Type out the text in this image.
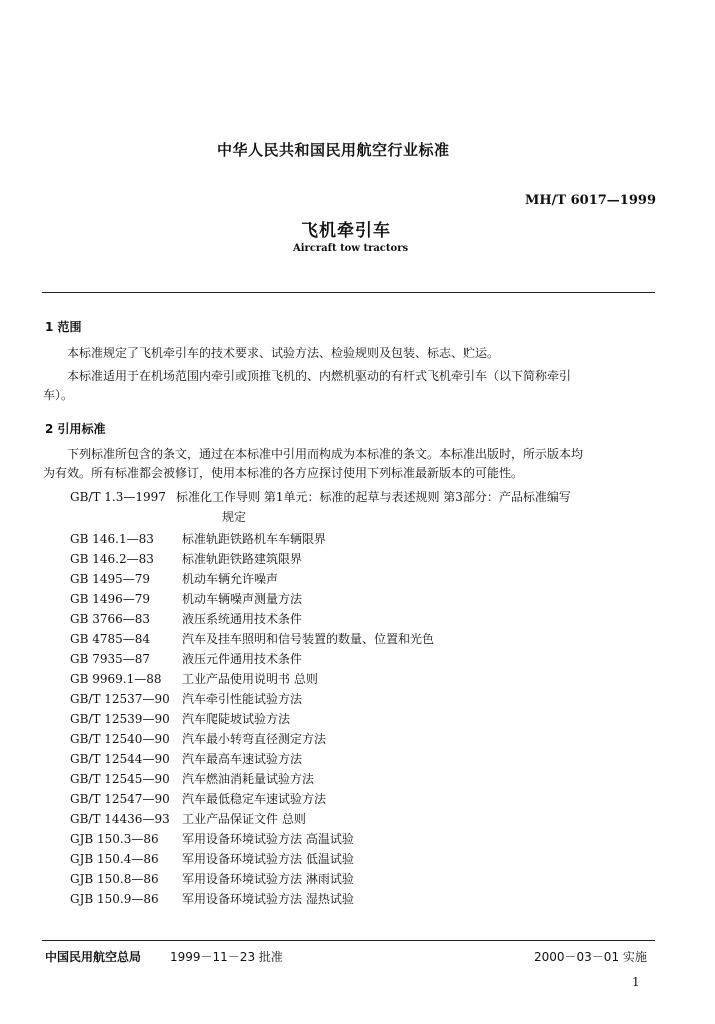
中华人民共和国民用航空行业标准
MH/T 6017—1999
飞机牵引车
Aircraft tow tractors
1 范围
本标准规定了飞机牵引车的技术要求、试验方法、检验规则及包装、标志、贮运。
本标准适用于在机场范围内牵引或顶推飞机的、内燃机驱动的有杆式飞机牵引车（以下简称牵引
车）。
2 引用标准
下列标准所包含的条文，通过在本标准中引用而构成为本标准的条文。本标准出版时，所示版本均
为有效。所有标准都会被修订，使用本标准的各方应探讨使用下列标准最新版本的可能性。
GB/T 1.3—1997 标准化工作导则 第1单元：标准的起草与表述规则 第3部分：产品标准编写
规定
GB 146.1—83 标准轨距铁路机车车辆限界
GB 146.2—83 标准轨距铁路建筑限界
GB 1495—79	机动车辆允许噪声
GB 1496—79	机动车辆噪声测量方法
GB 3766—83	液压系统通用技术条件
GB 4785—84	汽车及挂车照明和信号装置的数量、位置和光色
GB 7935—87	液压元件通用技术条件
GB 9969.1—88 工业产品使用说明书 总则
GB/T 12537—90 汽车牵引性能试验方法
GB/T 12539—90 汽车爬陡坡试验方法
GB/T 12540—90 汽车最小转弯直径测定方法
GB/T 12544—90 汽车最高车速试验方法
GB/T 12545—90 汽车燃油消耗量试验方法
GB/T 12547—90 汽车最低稳定车速试验方法
GB/T 14436—93 工业产品保证文件 总则
GJB 150.3—86 军用设备环境试验方法 高温试验
GJB 150.4—86 军用设备环境试验方法 低温试验
GJB 150.8—86 军用设备环境试验方法 淋雨试验
GJB 150.9—86 军用设备环境试验方法 湿热试验
中国民用航空总局 1999－11－23 批准	2000－03－01 实施
1
